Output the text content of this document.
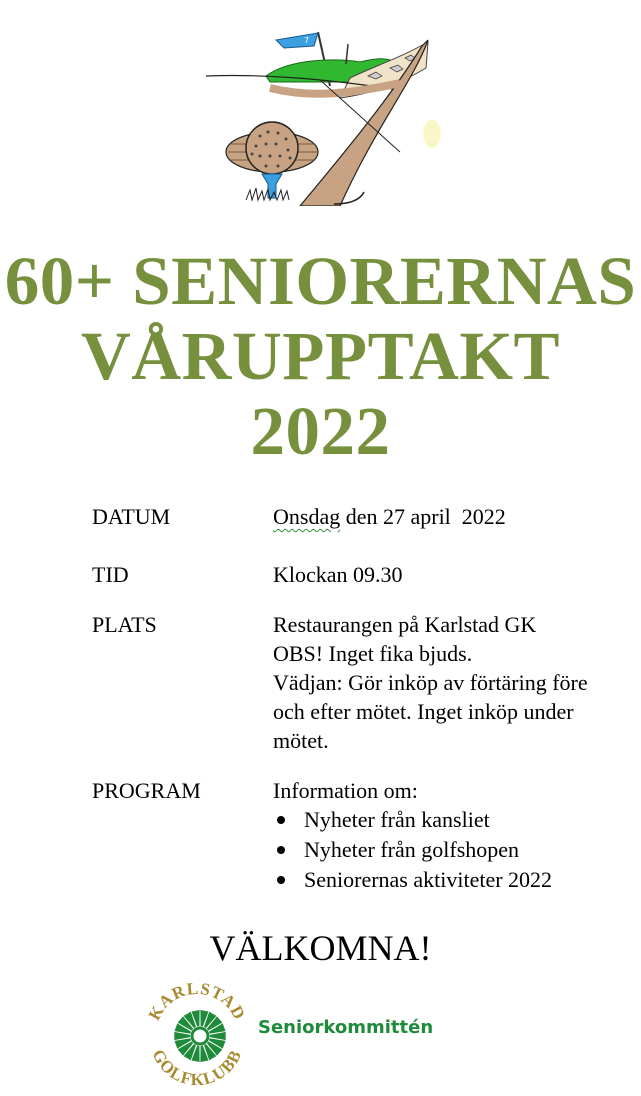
7
60+ SENIORERNAS
VÅRUPPTAKT
2022
DATUM	Onsdag den 27 april  2022
TID	Klockan 09.30
PLATS	Restaurangen på Karlstad GK
OBS! Inget fika bjuds.
Vädjan: Gör inköp av förtäring före
och efter mötet. Inget inköp under
mötet.
PROGRAM	Information om:
Nyheter från kansliet
Nyheter från golfshopen
Seniorernas aktiviteter 2022
VÄLKOMNA!
KARLSTAD
GOLFKLUBB
Seniorkommittén
